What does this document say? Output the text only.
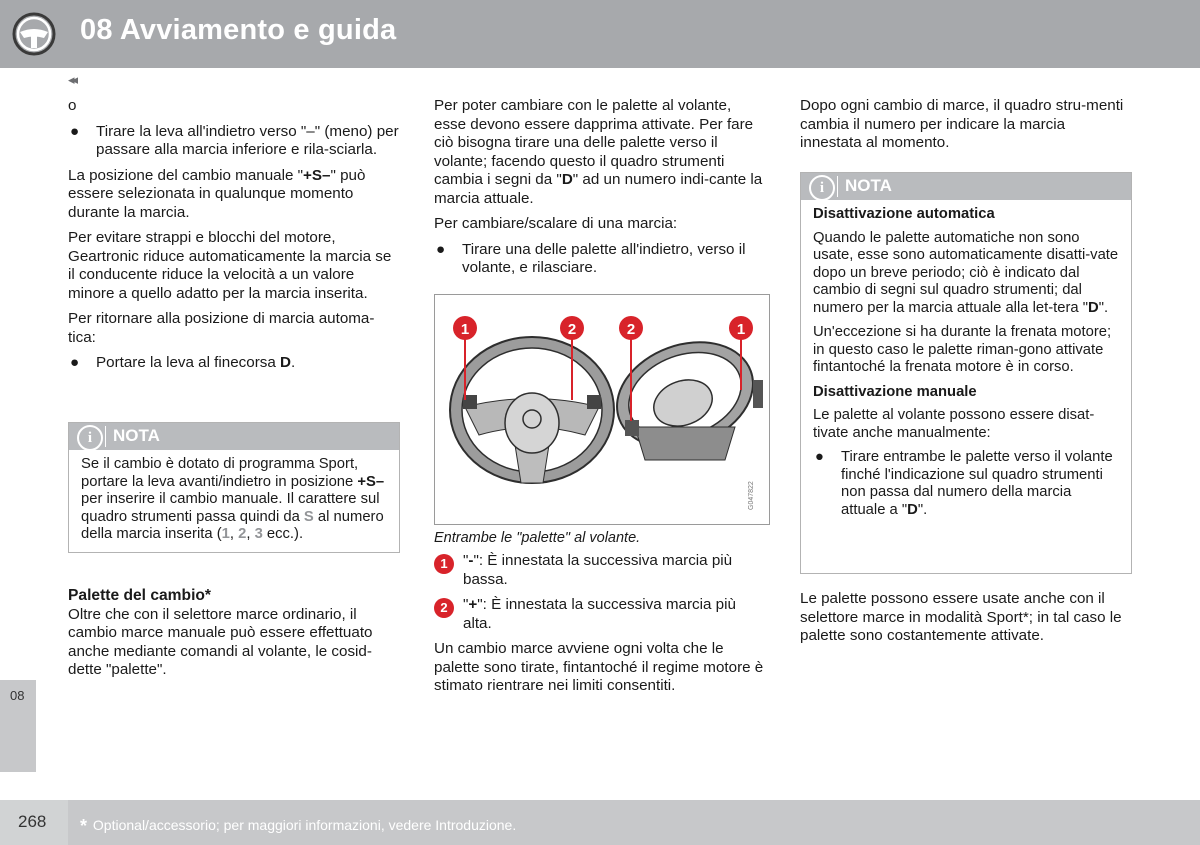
08 Avviamento e guida
◂◂
08

o

● Tirare la leva all'indietro verso "–" (meno) per passare alla marcia inferiore e rila-sciarla.

La posizione del cambio manuale "+S–" può essere selezionata in qualunque momento durante la marcia.

Per evitare strappi e blocchi del motore, Geartronic riduce automaticamente la marcia se il conducente riduce la velocità a un valore minore a quello adatto per la marcia inserita.

Per ritornare alla posizione di marcia automa-tica:

● Portare la leva al finecorsa D.
i	NOTA
Se il cambio è dotato di programma Sport, portare la leva avanti/indietro in posizione +S– per inserire il cambio manuale. Il carattere sul quadro strumenti passa quindi da S al numero della marcia inserita (1, 2, 3 ecc.).
Palette del cambio*

Oltre che con il selettore marce ordinario, il cambio marce manuale può essere effettuato anche mediante comandi al volante, le cosid-dette "palette".

Per poter cambiare con le palette al volante, esse devono essere dapprima attivate. Per fare ciò bisogna tirare una delle palette verso il volante; facendo questo il quadro strumenti cambia i segni da "D" ad un numero indi-cante la marcia attuale.

Per cambiare/scalare di una marcia:

● Tirare una delle palette all'indietro, verso il volante, e rilasciare.
1	2	2	1
G047822
Entrambe le "palette" al volante.
1	"-": È innestata la successiva marcia più bassa.
2	"+": È innestata la successiva marcia più alta.

Un cambio marce avviene ogni volta che le palette sono tirate, fintantoché il regime motore è stimato rientrare nei limiti consentiti.

Dopo ogni cambio di marce, il quadro stru-menti cambia il numero per indicare la marcia innestata al momento.

i	NOTA

Disattivazione automatica

Quando le palette automatiche non sono usate, esse sono automaticamente disatti-vate dopo un breve periodo; ciò è indicato dal cambio di segni sul quadro strumenti; dal numero per la marcia attuale alla let-tera "D".

Un'eccezione si ha durante la frenata motore; in questo caso le palette riman-gono attivate fintantoché la frenata motore è in corso.

Disattivazione manuale

Le palette al volante possono essere disat-tivate anche manualmente:

● Tirare entrambe le palette verso il volante finché l'indicazione sul quadro strumenti non passa dal numero della marcia attuale a "D".

Le palette possono essere usate anche con il selettore marce in modalità Sport*; in tal caso le palette sono costantemente attivate.

268 * Optional/accessorio; per maggiori informazioni, vedere Introduzione.
